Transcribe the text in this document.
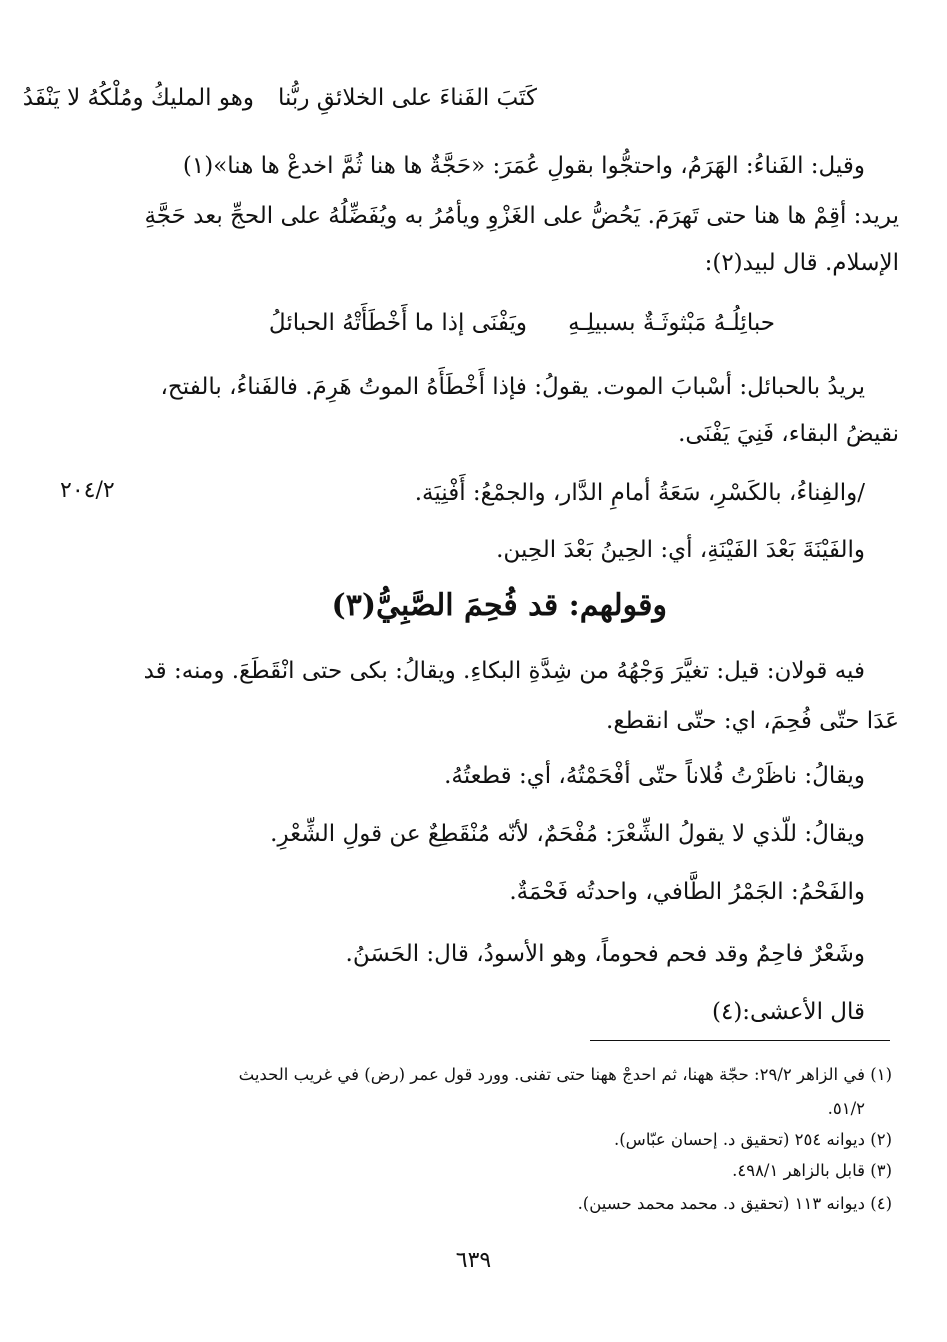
كَتَبَ الفَناءَ على الخلائقِ ربُّنا
وهو المليكُ ومُلْكُهُ لا يَنْفَدُ
وقيل: الفَناءُ: الهَرَمُ، واحتجُّوا بقولِ عُمَرَ: «حَجَّةٌ ها هنا ثُمَّ اخدعْ ها هنا»(١)
يريد: أقِمْ ها هنا حتى تَهرَمَ. يَحُضُّ على الغَزْوِ ويأمُرُ به ويُفَضِّلُهُ على الحجِّ بعد حَجَّةِ
الإسلام. قال لبيد(٢):
حبائِلُـهُ مَبْثوثَـةٌ بسبيلِـهِ
ويَفْنَى إذا ما أَخْطَأَتْهُ الحبائلُ
يريدُ بالحبائل: أسْبابَ الموت. يقولُ: فإذا أَخْطَأَهُ الموتُ هَرِمَ. فالفَناءُ، بالفتح،
نقيضُ البقاء، فَنِيَ يَفْنَى.
/والفِناءُ، بالكَسْرِ، سَعَةُ أمامِ الدَّار، والجمْعُ: أَفْنِيَة.
٢٠٤/٢
والفَيْنَةَ بَعْدَ الفَيْنَةِ، أي: الحِينُ بَعْدَ الحِين.
وقولهم: قد فُحِمَ الصَّبِيُّ(٣)
فيه قولان: قيل: تغيَّرَ وَجْهُهُ من شِدَّةِ البكاءِ. ويقالُ: بكى حتى انْقَطَعَ. ومنه: قد
عَدَا حتّى فُحِمَ، اي: حتّى انقطع.
ويقالُ: ناظَرْتُ فُلاناً حتّى أفْحَمْتُهُ، أي: قطعتُهُ.
ويقالُ: للّذي لا يقولُ الشِّعْرَ: مُفْحَمٌ، لأنّه مُنْقَطِعٌ عن قولِ الشِّعْرِ.
والفَحْمُ: الجَمْرُ الطَّافي، واحدتُه فَحْمَةٌ.
وشَعْرٌ فاحِمٌ وقد فحم فحوماً، وهو الأسودُ، قال: الحَسَنُ.
قال الأعشى:(٤)
(١) في الزاهر ٢٩/٢: حجّة ههنا، ثم احدجْ ههنا حتى تفنى. وورد قول عمر (رض) في غريب الحديث
٥١/٢.
(٢) ديوانه ٢٥٤ (تحقيق د. إحسان عبّاس).
(٣) قابل بالزاهر ٤٩٨/١.
(٤) ديوانه ١١٣ (تحقيق د. محمد محمد حسين).
٦٣٩
